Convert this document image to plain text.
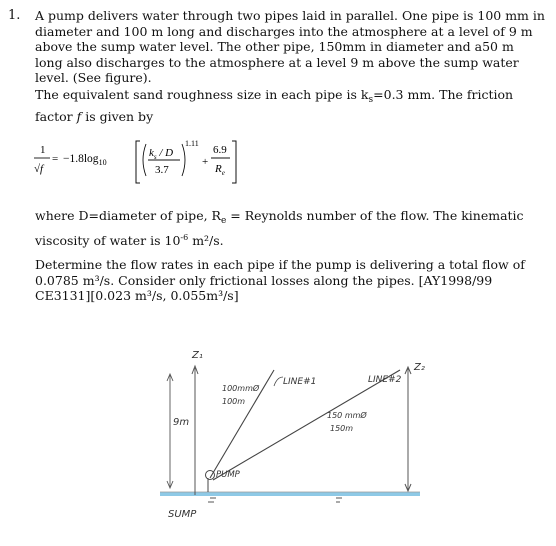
1. A pump delivers water through two pipes laid in parallel. One pipe is 100 mm in diameter and 100 m long and discharges into the atmosphere at a level of 9 m above the sump water level. The other pipe, 150mm in diameter and a50 m long also discharges to the atmosphere at a level 9 m above the sump water level. (See figure).
The equivalent sand roughness size in each pipe is $k_s=0.3$ mm. The friction factor f is given by
1
√f
= $-1.8\log_{10}$
$k_s$ / D
3.7
1.11
+
6.9
$R_e$
where D=diameter of pipe, $R_e$ = Reynolds number of the flow. The kinematic viscosity of water is $10^{-6}$ m²/s.
Determine the flow rates in each pipe if the pump is delivering a total flow of 0.0785 m³/s. Consider only frictional losses along the pipes. [AY1998/99 CE3131][0.023 m³/s, 0.055m³/s]
Z₁
9m
PUMP
SUMP
LINE#1
100mmØ
100m
LINE#2
150 mmØ
150m
Z₂
